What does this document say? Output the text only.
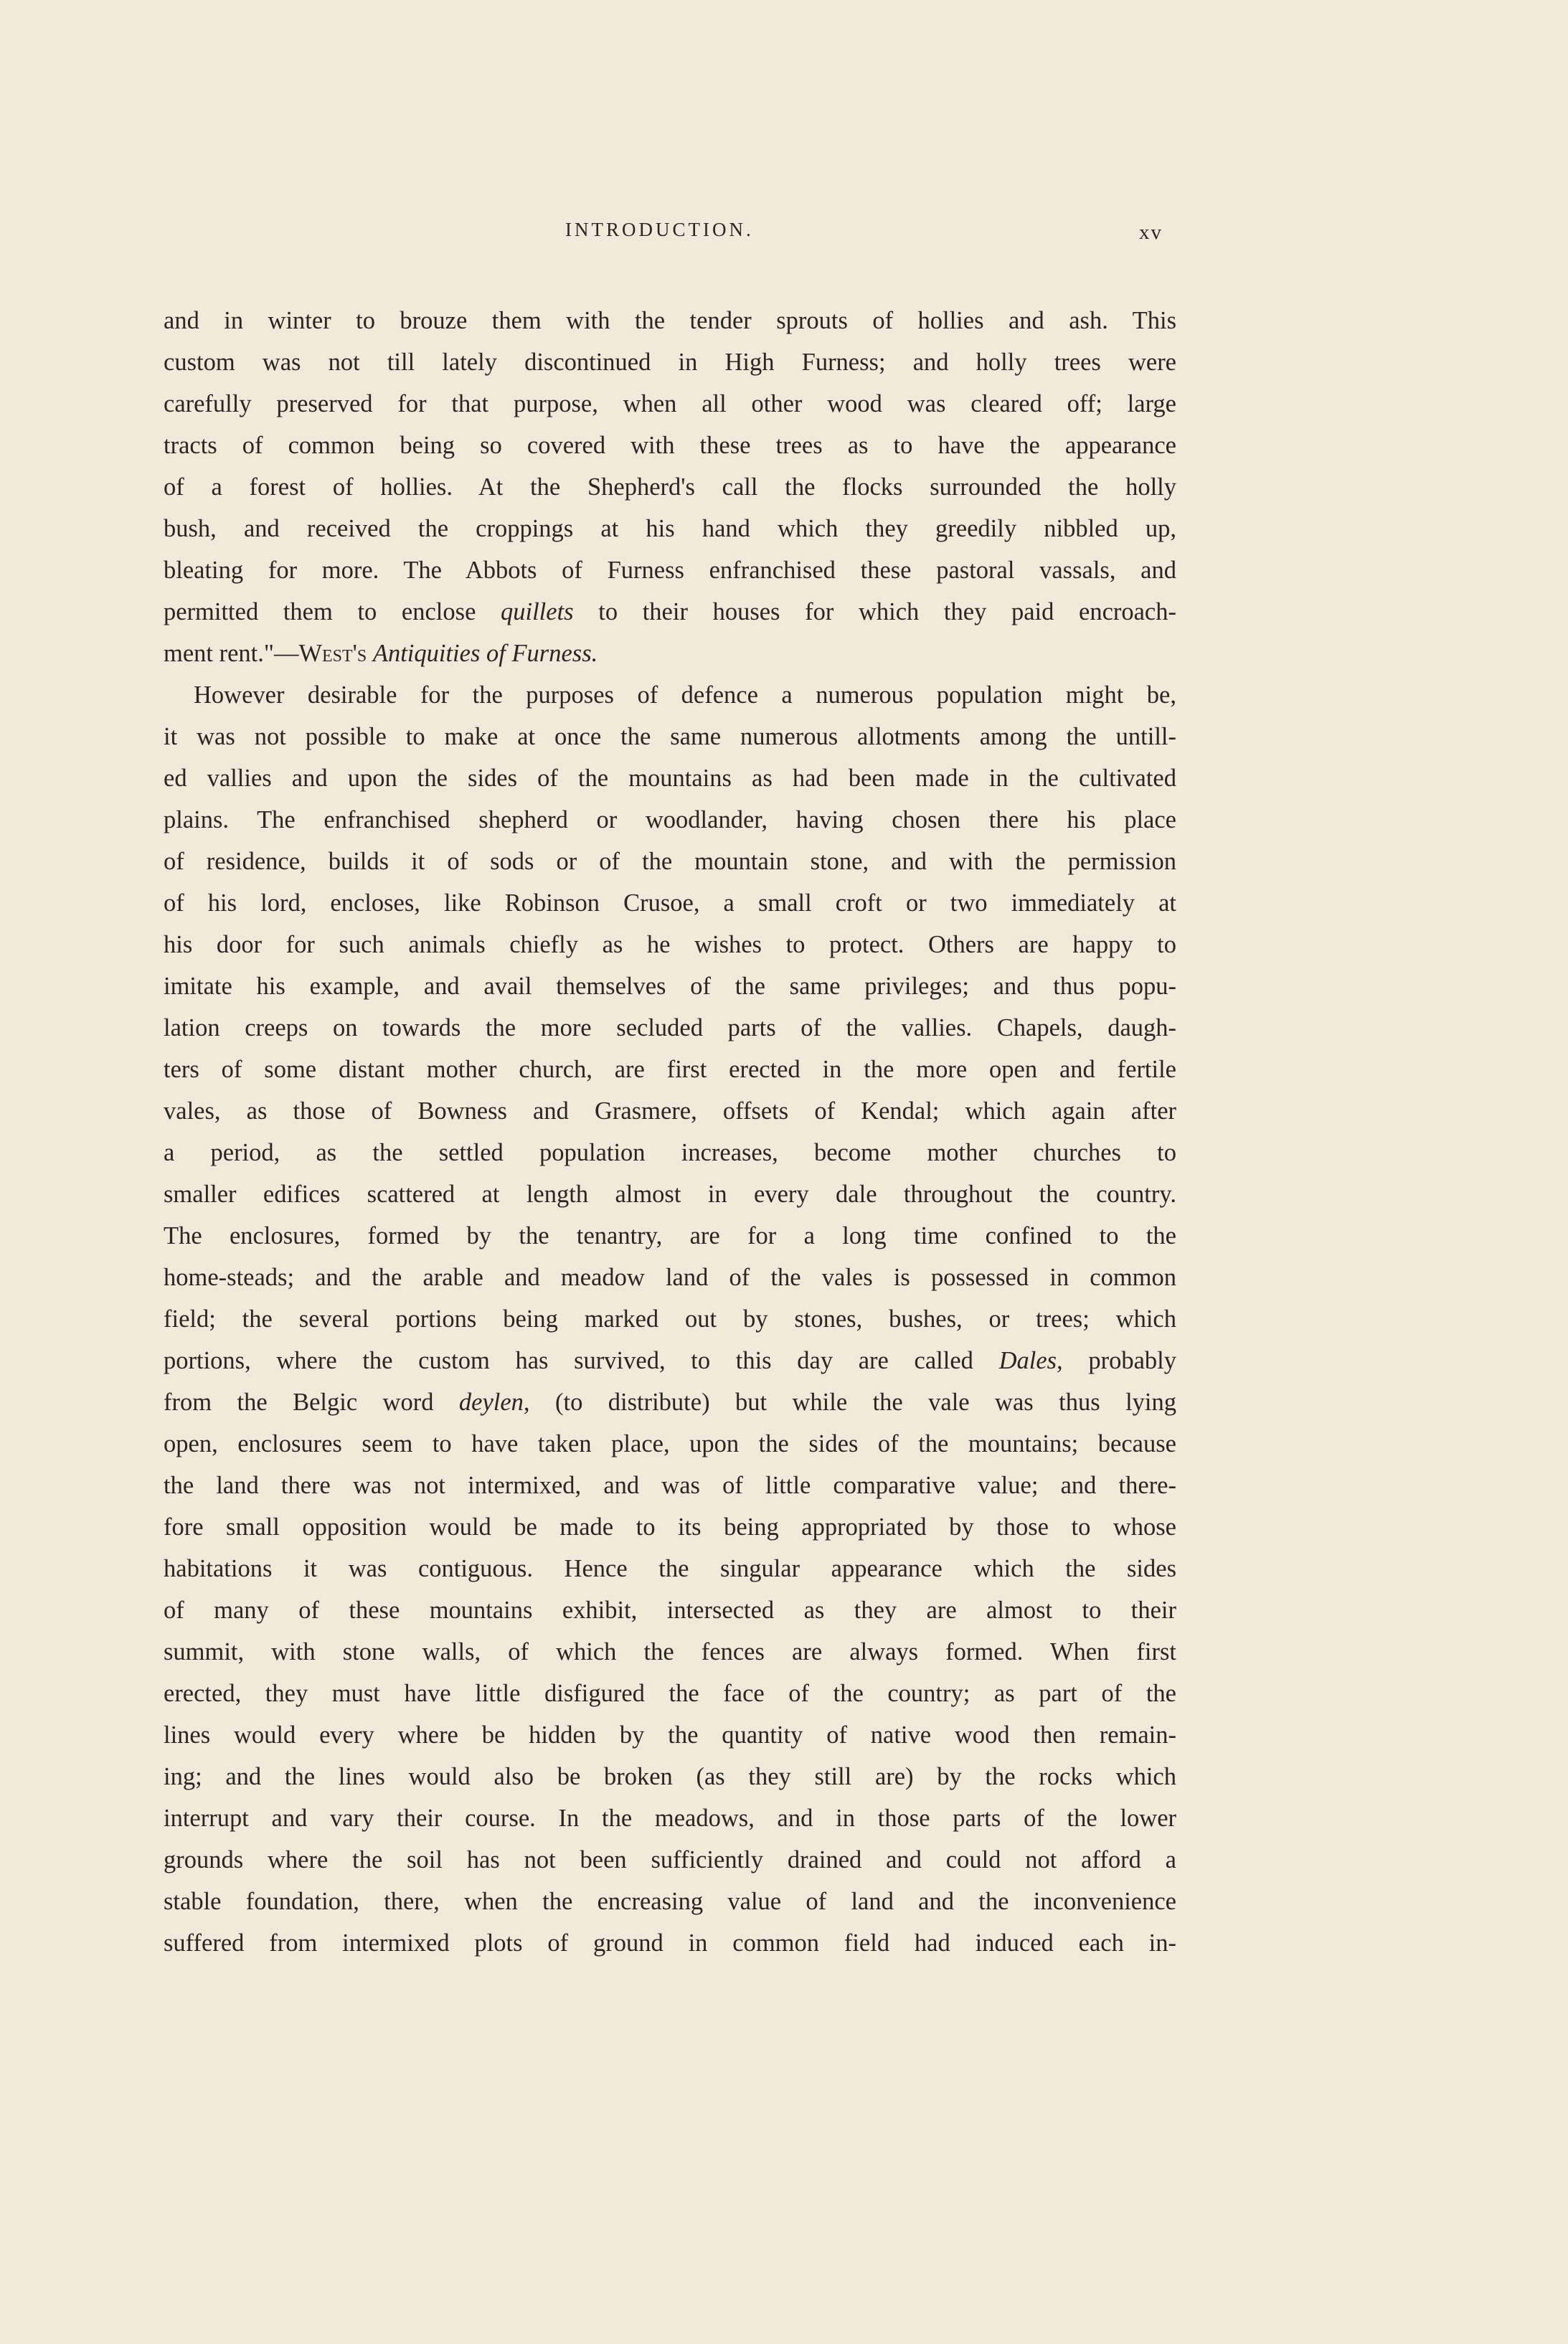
INTRODUCTION.	xv
and in winter to brouze them with the tender sprouts of hollies and ash. This
custom was not till lately discontinued in High Furness; and holly trees were
carefully preserved for that purpose, when all other wood was cleared off; large
tracts of common being so covered with these trees as to have the appearance
of a forest of hollies. At the Shepherd's call the flocks surrounded the holly
bush, and received the croppings at his hand which they greedily nibbled up,
bleating for more. The Abbots of Furness enfranchised these pastoral vassals, and
permitted them to enclose quillets to their houses for which they paid encroach-
ment rent."—West's Antiquities of Furness.
However desirable for the purposes of defence a numerous population might be,
it was not possible to make at once the same numerous allotments among the untill-
ed vallies and upon the sides of the mountains as had been made in the cultivated
plains. The enfranchised shepherd or woodlander, having chosen there his place
of residence, builds it of sods or of the mountain stone, and with the permission
of his lord, encloses, like Robinson Crusoe, a small croft or two immediately at
his door for such animals chiefly as he wishes to protect. Others are happy to
imitate his example, and avail themselves of the same privileges; and thus popu-
lation creeps on towards the more secluded parts of the vallies. Chapels, daugh-
ters of some distant mother church, are first erected in the more open and fertile
vales, as those of Bowness and Grasmere, offsets of Kendal; which again after
a period, as the settled population increases, become mother churches to
smaller edifices scattered at length almost in every dale throughout the country.
The enclosures, formed by the tenantry, are for a long time confined to the
home-steads; and the arable and meadow land of the vales is possessed in common
field; the several portions being marked out by stones, bushes, or trees; which
portions, where the custom has survived, to this day are called Dales, probably
from the Belgic word deylen, (to distribute) but while the vale was thus lying
open, enclosures seem to have taken place, upon the sides of the mountains; because
the land there was not intermixed, and was of little comparative value; and there-
fore small opposition would be made to its being appropriated by those to whose
habitations it was contiguous. Hence the singular appearance which the sides
of many of these mountains exhibit, intersected as they are almost to their
summit, with stone walls, of which the fences are always formed. When first
erected, they must have little disfigured the face of the country; as part of the
lines would every where be hidden by the quantity of native wood then remain-
ing; and the lines would also be broken (as they still are) by the rocks which
interrupt and vary their course. In the meadows, and in those parts of the lower
grounds where the soil has not been sufficiently drained and could not afford a
stable foundation, there, when the encreasing value of land and the inconvenience
suffered from intermixed plots of ground in common field had induced each in-
